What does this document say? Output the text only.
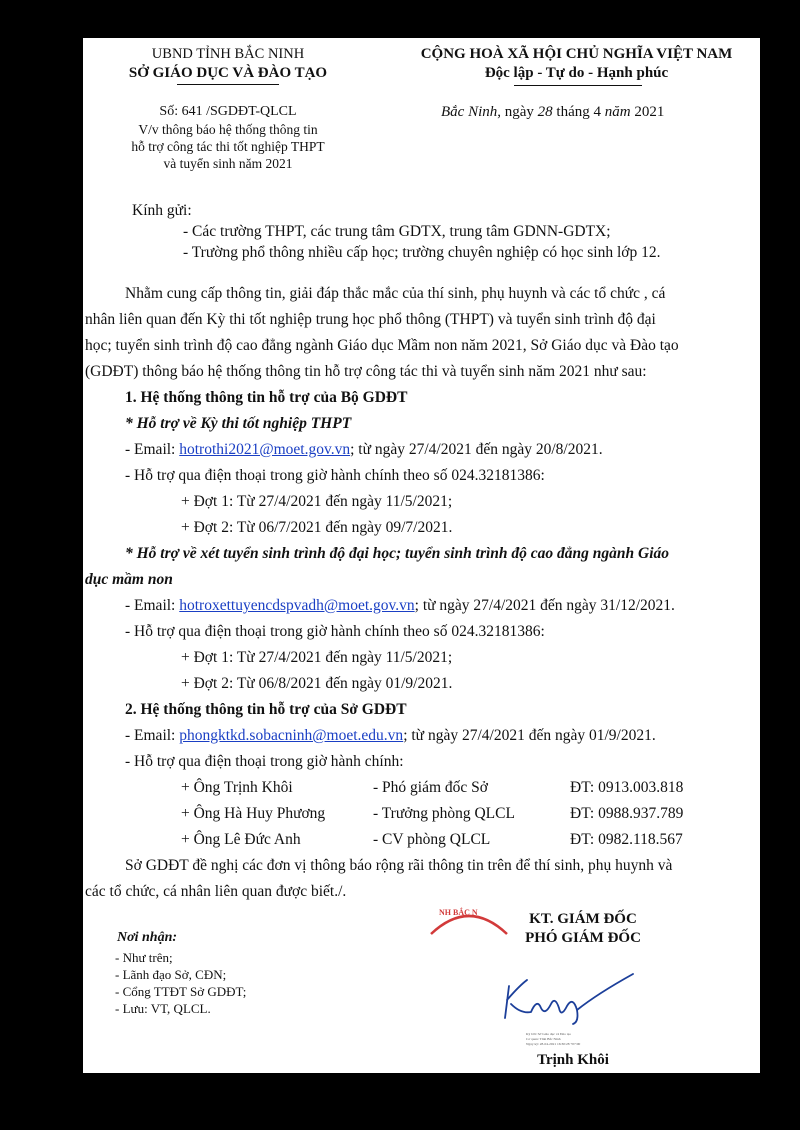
UBND TỈNH BẮC NINH
SỞ GIÁO DỤC VÀ ĐÀO TẠO
Số: 641 /SGDĐT-QLCL
V/v thông báo hệ thống thông tin
hỗ trợ công tác thi tốt nghiệp THPT
và tuyển sinh năm 2021
CỘNG HOÀ XÃ HỘI CHỦ NGHĨA VIỆT NAM
Độc lập - Tự do - Hạnh phúc
Bắc Ninh, ngày 28 tháng 4 năm 2021
Kính gửi:
- Các trường THPT, các trung tâm GDTX, trung tâm GDNN-GDTX;
- Trường phổ thông nhiều cấp học; trường chuyên nghiệp có học sinh lớp 12.
Nhằm cung cấp thông tin, giải đáp thắc mắc của thí sinh, phụ huynh và các tổ chức , cá
nhân liên quan đến Kỳ thi tốt nghiệp trung học phổ thông (THPT) và tuyển sinh trình độ đại
học; tuyển sinh trình độ cao đẳng ngành Giáo dục Mầm non năm 2021, Sở Giáo dục và Đào tạo
(GDĐT) thông báo hệ thống thông tin hỗ trợ công tác thi và tuyển sinh năm 2021 như sau:
1. Hệ thống thông tin hỗ trợ của Bộ GDĐT
* Hỗ trợ về Kỳ thi tốt nghiệp THPT
- Email: hotrothi2021@moet.gov.vn; từ ngày 27/4/2021 đến ngày 20/8/2021.
- Hỗ trợ qua điện thoại trong giờ hành chính theo số 024.32181386:
+ Đợt 1: Từ 27/4/2021 đến ngày 11/5/2021;
+ Đợt 2: Từ 06/7/2021 đến ngày 09/7/2021.
* Hỗ trợ về xét tuyển sinh trình độ đại học; tuyển sinh trình độ cao đẳng ngành Giáo
dục mầm non
- Email: hotroxettuyencdspvadh@moet.gov.vn; từ ngày 27/4/2021 đến ngày 31/12/2021.
- Hỗ trợ qua điện thoại trong giờ hành chính theo số 024.32181386:
+ Đợt 1: Từ 27/4/2021 đến ngày 11/5/2021;
+ Đợt 2: Từ 06/8/2021 đến ngày 01/9/2021.
2. Hệ thống thông tin hỗ trợ của Sở GDĐT
- Email: phongktkd.sobacninh@moet.edu.vn; từ ngày 27/4/2021 đến ngày 01/9/2021.
- Hỗ trợ qua điện thoại trong giờ hành chính:
+ Ông Trịnh Khôi	- Phó giám đốc Sở	ĐT: 0913.003.818
+ Ông Hà Huy Phương	- Trưởng phòng QLCL	ĐT: 0988.937.789
+ Ông Lê Đức Anh	- CV phòng QLCL	ĐT: 0982.118.567
Sở GDĐT đề nghị các đơn vị thông báo rộng rãi thông tin trên để thí sinh, phụ huynh và
các tổ chức, cá nhân liên quan được biết./.
Nơi nhận:
- Như trên;
- Lãnh đạo Sở, CĐN;
- Cổng TTĐT Sở GDĐT;
- Lưu: VT, QLCL.
NH BẮC N	KT. GIÁM ĐỐC
PHÓ GIÁM ĐỐC
Ký bởi: Sở Giáo dục và Đào tạo
Cơ quan: Tỉnh Bắc Ninh
Ngày ký: 28-04-2021 16:30:28 +07:00
Trịnh Khôi
